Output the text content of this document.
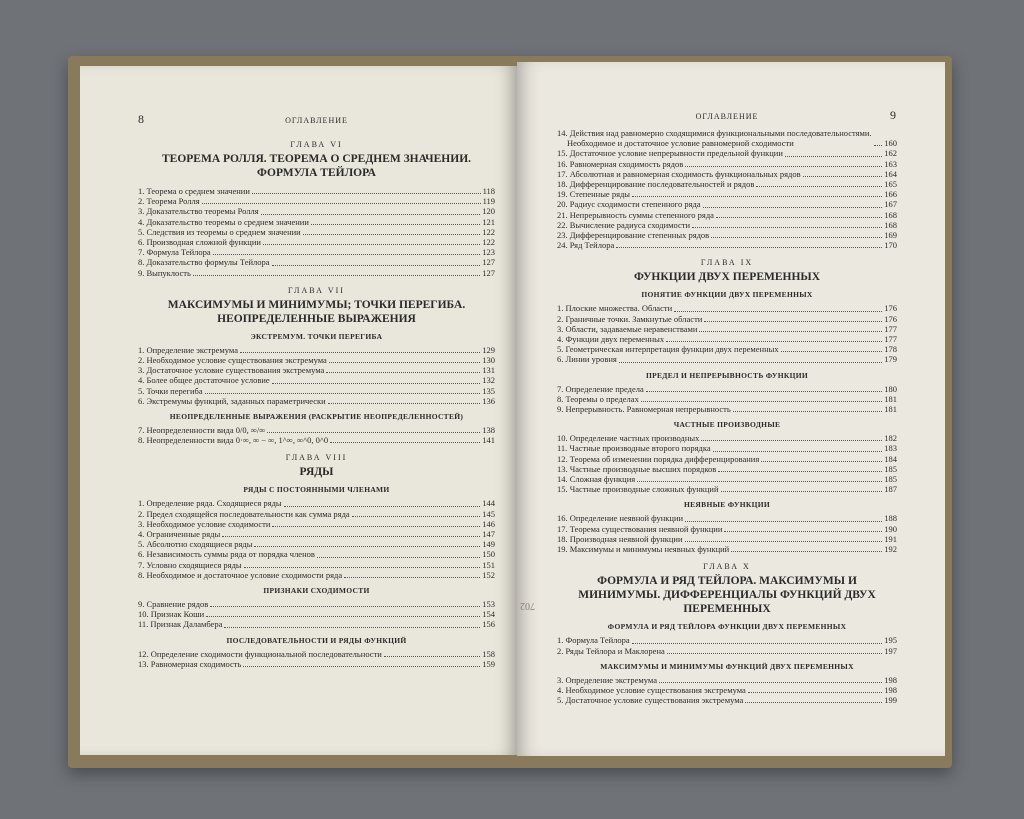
8	ОГЛАВЛЕНИЕ
ГЛАВА VI
ТЕОРЕМА РОЛЛЯ. ТЕОРЕМА О СРЕДНЕМ ЗНАЧЕНИИ. ФОРМУЛА ТЕЙЛОРА
1. Теорема о среднем значении	118
2. Теорема Ролля	119
3. Доказательство теоремы Ролля	120
4. Доказательство теоремы о среднем значении	121
5. Следствия из теоремы о среднем значении	122
6. Производная сложной функции	122
7. Формула Тейлора	123
8. Доказательство формулы Тейлора	127
9. Выпуклость	127
ГЛАВА VII
МАКСИМУМЫ И МИНИМУМЫ; ТОЧКИ ПЕРЕГИБА. НЕОПРЕДЕЛЕННЫЕ ВЫРАЖЕНИЯ
ЭКСТРЕМУМ. ТОЧКИ ПЕРЕГИБА
1. Определение экстремума	129
2. Необходимое условие существования экстремума	130
3. Достаточное условие существования экстремума	131
4. Более общее достаточное условие	132
5. Точки перегиба	135
6. Экстремумы функций, заданных параметрически	136
НЕОПРЕДЕЛЕННЫЕ ВЫРАЖЕНИЯ (РАСКРЫТИЕ НЕОПРЕДЕЛЕННОСТЕЙ)
7. Неопределенности вида 0/0, ∞/∞	138
8. Неопределенности вида 0·∞, ∞ − ∞, 1^∞, ∞^0, 0^0	141
ГЛАВА VIII
РЯДЫ
РЯДЫ С ПОСТОЯННЫМИ ЧЛЕНАМИ
1. Определение ряда. Сходящиеся ряды	144
2. Предел сходящейся последовательности как сумма ряда	145
3. Необходимое условие сходимости	146
4. Ограниченные ряды	147
5. Абсолютно сходящиеся ряды	149
6. Независимость суммы ряда от порядка членов	150
7. Условно сходящиеся ряды	151
8. Необходимое и достаточное условие сходимости ряда	152
ПРИЗНАКИ СХОДИМОСТИ
9. Сравнение рядов	153
10. Признак Коши	154
11. Признак Даламбера	156
ПОСЛЕДОВАТЕЛЬНОСТИ И РЯДЫ ФУНКЦИЙ
12. Определение сходимости функциональной последовательности	158
13. Равномерная сходимость	159
ОГЛАВЛЕНИЕ	9
14. Действия над равномерно сходящимися функциональными последовательностями. Необходимое и достаточное условие равномерной сходимости	160
15. Достаточное условие непрерывности предельной функции	162
16. Равномерная сходимость рядов	163
17. Абсолютная и равномерная сходимость функциональных рядов	164
18. Дифференцирование последовательностей и рядов	165
19. Степенные ряды	166
20. Радиус сходимости степенного ряда	167
21. Непрерывность суммы степенного ряда	168
22. Вычисление радиуса сходимости	168
23. Дифференцирование степенных рядов	169
24. Ряд Тейлора	170
ГЛАВА IX
ФУНКЦИИ ДВУХ ПЕРЕМЕННЫХ
ПОНЯТИЕ ФУНКЦИИ ДВУХ ПЕРЕМЕННЫХ
1. Плоские множества. Области	176
2. Граничные точки. Замкнутые области	176
3. Области, задаваемые неравенствами	177
4. Функции двух переменных	177
5. Геометрическая интерпретация функции двух переменных	178
6. Линии уровня	179
ПРЕДЕЛ И НЕПРЕРЫВНОСТЬ ФУНКЦИИ
7. Определение предела	180
8. Теоремы о пределах	181
9. Непрерывность. Равномерная непрерывность	181
ЧАСТНЫЕ ПРОИЗВОДНЫЕ
10. Определение частных производных	182
11. Частные производные второго порядка	183
12. Теорема об изменении порядка дифференцирования	184
13. Частные производные высших порядков	185
14. Сложная функция	185
15. Частные производные сложных функций	187
НЕЯВНЫЕ ФУНКЦИИ
16. Определение неявной функции	188
17. Теорема существования неявной функции	190
18. Производная неявной функции	191
19. Максимумы и минимумы неявных функций	192
ГЛАВА X
ФОРМУЛА И РЯД ТЕЙЛОРА. МАКСИМУМЫ И МИНИМУМЫ. ДИФФЕРЕНЦИАЛЫ ФУНКЦИЙ ДВУХ ПЕРЕМЕННЫХ
ФОРМУЛА И РЯД ТЕЙЛОРА ФУНКЦИИ ДВУХ ПЕРЕМЕННЫХ
1. Формула Тейлора	195
2. Ряды Тейлора и Маклорена	197
МАКСИМУМЫ И МИНИМУМЫ ФУНКЦИЙ ДВУХ ПЕРЕМЕННЫХ
3. Определение экстремума	198
4. Необходимое условие существования экстремума	198
5. Достаточное условие существования экстремума	199
702
